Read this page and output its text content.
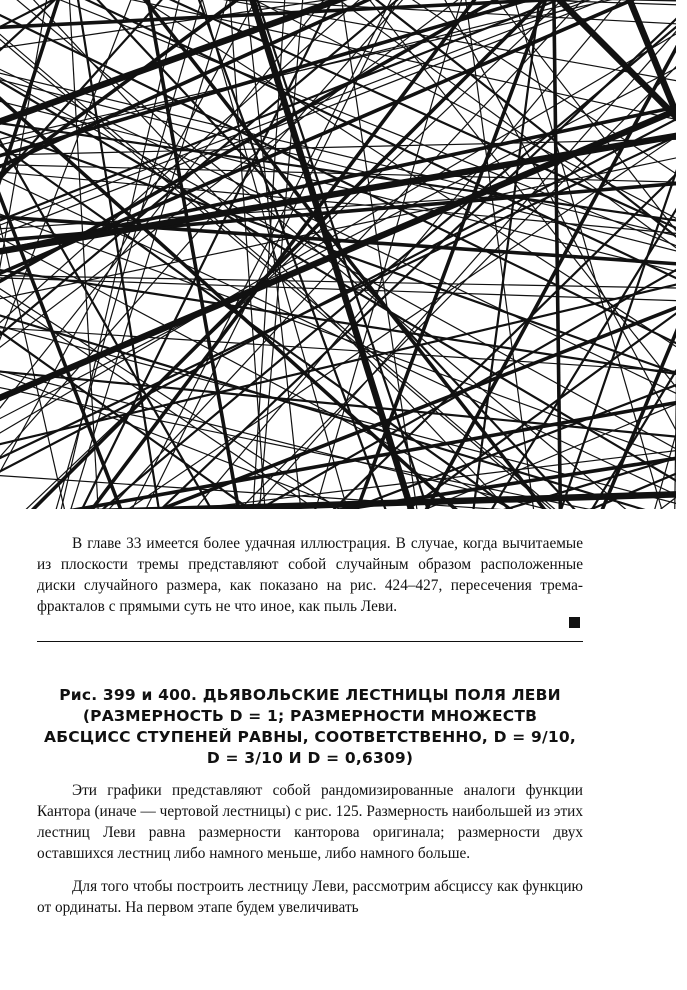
В главе 33 имеется более удачная иллюстрация. В случае, когда вычитаемые из плоскости тремы представляют собой случайным образом расположенные диски случайного размера, как показано на рис. 424–427, пересечения трема-фракталов с прямыми суть не что иное, как пыль Леви.

Рис. 399 и 400. ДЬЯВОЛЬСКИЕ ЛЕСТНИЦЫ ПОЛЯ ЛЕВИ (РАЗМЕРНОСТЬ D = 1; РАЗМЕРНОСТИ МНОЖЕСТВ АБСЦИСС СТУПЕНЕЙ РАВНЫ, СООТВЕТСТВЕННО, D = 9/10, D = 3/10 И D = 0,6309)

Эти графики представляют собой рандомизированные аналоги функции Кантора (иначе — чертовой лестницы) с рис. 125. Размерность наибольшей из этих лестниц Леви равна размерности канторова оригинала; размерности двух оставшихся лестниц либо намного меньше, либо намного больше.

Для того чтобы построить лестницу Леви, рассмотрим абсциссу как функцию от ординаты. На первом этапе будем увеличивать
